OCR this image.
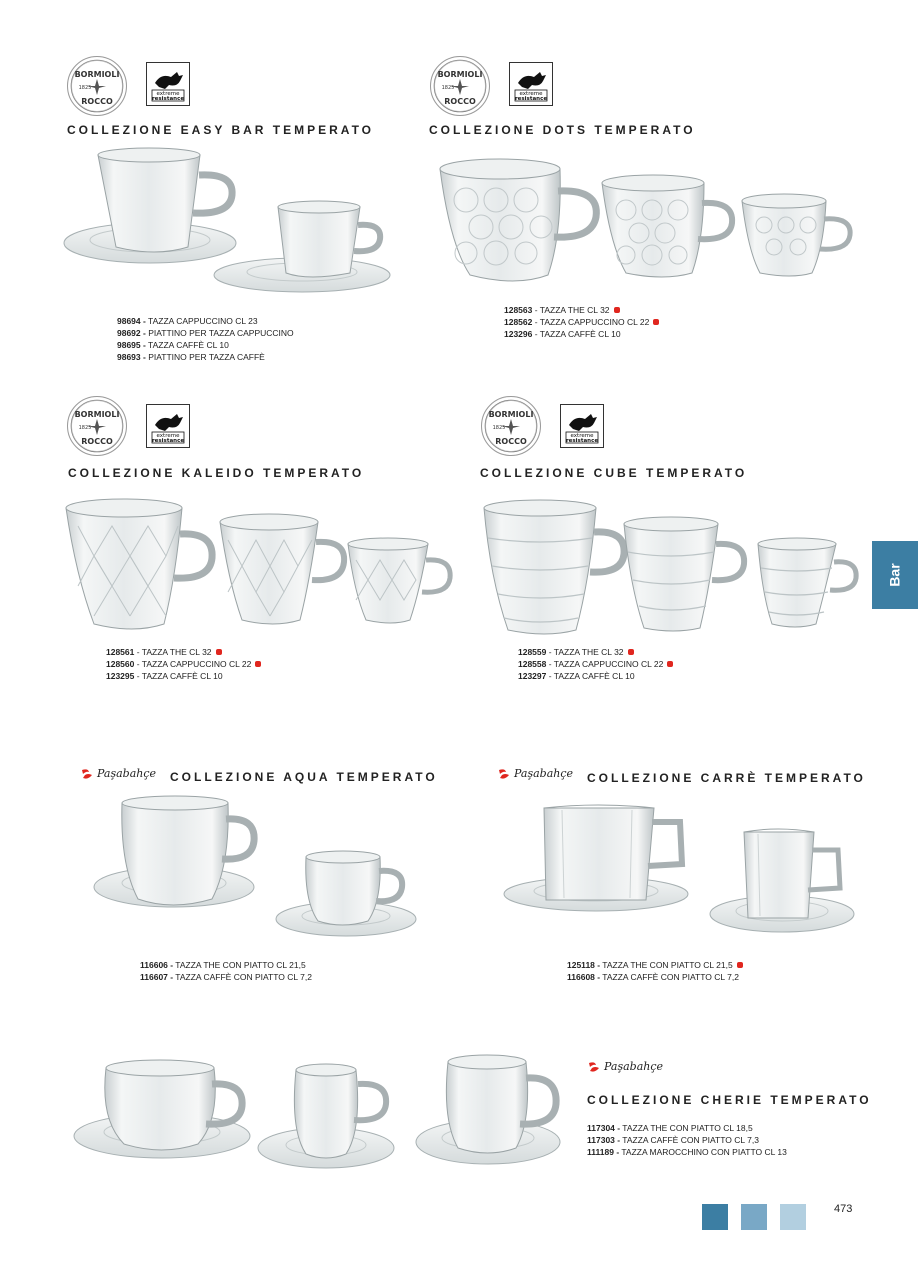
BORMIOLI
1825
ROCCO
extreme
resistance
COLLEZIONE EASY BAR TEMPERATO
98694 - TAZZA CAPPUCCINO CL 23
98692 - PIATTINO PER TAZZA CAPPUCCINO
98695 - TAZZA CAFFÈ CL 10
98693 - PIATTINO PER TAZZA CAFFÈ
BORMIOLI
1825
ROCCO
extreme
resistance
COLLEZIONE DOTS TEMPERATO
128563 - TAZZA THE CL 32
128562 - TAZZA CAPPUCCINO CL 22
123296 - TAZZA CAFFÈ CL 10
BORMIOLI
1825
ROCCO
extreme
resistance
COLLEZIONE KALEIDO TEMPERATO
128561 - TAZZA THE CL 32
128560 - TAZZA CAPPUCCINO CL 22
123295 - TAZZA CAFFÈ CL 10
BORMIOLI
1825
ROCCO
extreme
resistance
COLLEZIONE CUBE TEMPERATO
128559 - TAZZA THE CL 32
128558 - TAZZA CAPPUCCINO CL 22
123297 - TAZZA CAFFÈ CL 10
Bar
Paşabahçe COLLEZIONE AQUA TEMPERATO
116606 - TAZZA THE CON PIATTO CL 21,5
116607 - TAZZA CAFFÈ CON PIATTO CL 7,2
Paşabahçe COLLEZIONE CARRÈ TEMPERATO
125118 - TAZZA THE CON PIATTO CL 21,5
116608 - TAZZA CAFFÈ CON PIATTO CL 7,2
Paşabahçe
COLLEZIONE CHERIE TEMPERATO
117304 - TAZZA THE CON PIATTO CL 18,5
117303 - TAZZA CAFFÈ CON PIATTO CL 7,3
111189 - TAZZA MAROCCHINO CON PIATTO CL 13
473
